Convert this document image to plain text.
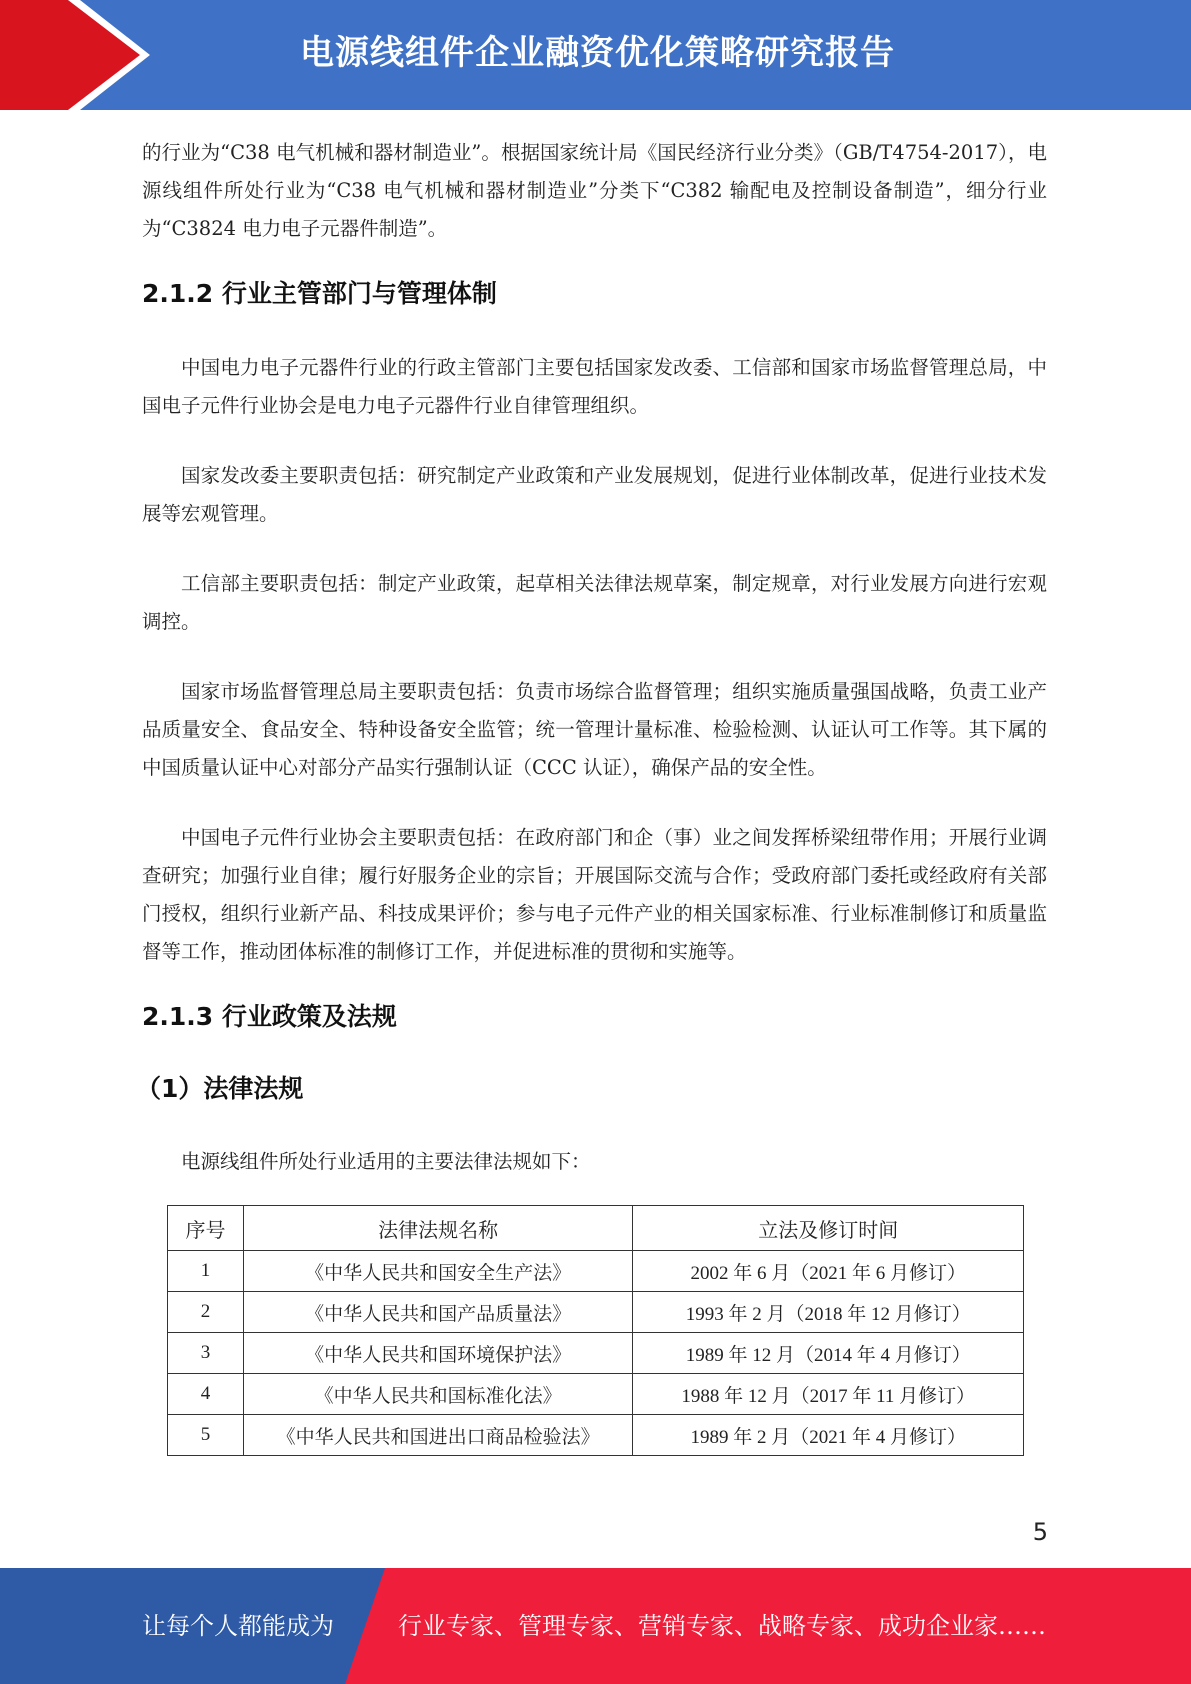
电源线组件企业融资优化策略研究报告

的行业为“C38 电气机械和器材制造业”。根据国家统计局《国民经济行业分类》（GB/T4754-2017），电源线组件所处行业为“C38 电气机械和器材制造业”分类下“C382 输配电及控制设备制造”，细分行业为“C3824 电力电子元器件制造”。

2.1.2 行业主管部门与管理体制

中国电力电子元器件行业的行政主管部门主要包括国家发改委、工信部和国家市场监督管理总局，中国电子元件行业协会是电力电子元器件行业自律管理组织。

国家发改委主要职责包括：研究制定产业政策和产业发展规划，促进行业体制改革，促进行业技术发展等宏观管理。

工信部主要职责包括：制定产业政策，起草相关法律法规草案，制定规章，对行业发展方向进行宏观调控。

国家市场监督管理总局主要职责包括：负责市场综合监督管理；组织实施质量强国战略，负责工业产品质量安全、食品安全、特种设备安全监管；统一管理计量标准、检验检测、认证认可工作等。其下属的中国质量认证中心对部分产品实行强制认证（CCC 认证），确保产品的安全性。

中国电子元件行业协会主要职责包括：在政府部门和企（事）业之间发挥桥梁纽带作用；开展行业调查研究；加强行业自律；履行好服务企业的宗旨；开展国际交流与合作；受政府部门委托或经政府有关部门授权，组织行业新产品、科技成果评价；参与电子元件产业的相关国家标准、行业标准制修订和质量监督等工作，推动团体标准的制修订工作，并促进标准的贯彻和实施等。

2.1.3 行业政策及法规
（1）法律法规

电源线组件所处行业适用的主要法律法规如下：

序号	法律法规名称	立法及修订时间
1	《中华人民共和国安全生产法》	2002 年 6 月（2021 年 6 月修订）
2	《中华人民共和国产品质量法》	1993 年 2 月（2018 年 12 月修订）
3	《中华人民共和国环境保护法》	1989 年 12 月（2014 年 4 月修订）
4	《中华人民共和国标准化法》	1988 年 12 月（2017 年 11 月修订）
5	《中华人民共和国进出口商品检验法》	1989 年 2 月（2021 年 4 月修订）
5
让每个人都能成为	行业专家、管理专家、营销专家、战略专家、成功企业家……
